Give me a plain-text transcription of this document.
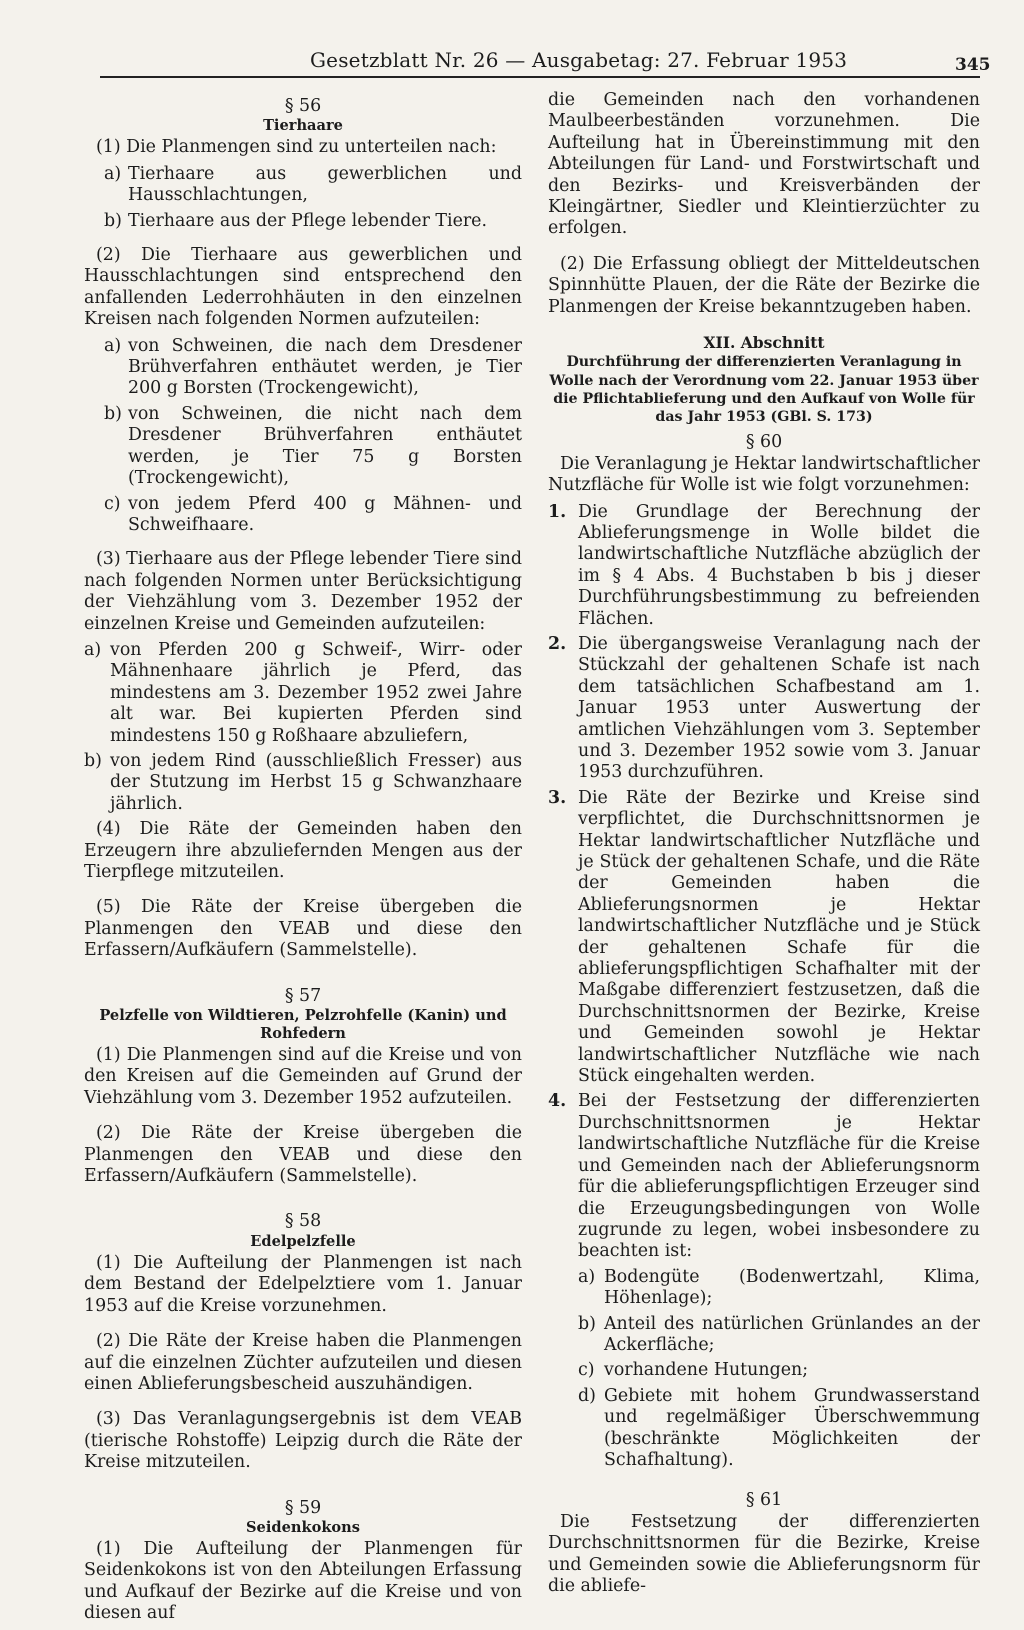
Gesetzblatt Nr. 26 — Ausgabetag: 27. Februar 1953	345
§ 56
Tierhaare
(1) Die Planmengen sind zu unterteilen nach:
a) Tierhaare aus gewerblichen und Hausschlachtungen,
b) Tierhaare aus der Pflege lebender Tiere.
(2) Die Tierhaare aus gewerblichen und Hausschlachtungen sind entsprechend den anfallenden Lederrohhäuten in den einzelnen Kreisen nach folgenden Normen aufzuteilen:
a) von Schweinen, die nach dem Dresdener Brühverfahren enthäutet werden, je Tier 200 g Borsten (Trockengewicht),
b) von Schweinen, die nicht nach dem Dresdener Brühverfahren enthäutet werden, je Tier 75 g Borsten (Trockengewicht),
c) von jedem Pferd 400 g Mähnen- und Schweifhaare.
(3) Tierhaare aus der Pflege lebender Tiere sind nach folgenden Normen unter Berücksichtigung der Viehzählung vom 3. Dezember 1952 der einzelnen Kreise und Gemeinden aufzuteilen:
a) von Pferden 200 g Schweif-, Wirr- oder Mähnenhaare jährlich je Pferd, das mindestens am 3. Dezember 1952 zwei Jahre alt war. Bei kupierten Pferden sind mindestens 150 g Roßhaare abzuliefern,
b) von jedem Rind (ausschließlich Fresser) aus der Stutzung im Herbst 15 g Schwanzhaare jährlich.
(4) Die Räte der Gemeinden haben den Erzeugern ihre abzuliefernden Mengen aus der Tierpflege mitzuteilen.
(5) Die Räte der Kreise übergeben die Planmengen den VEAB und diese den Erfassern/Aufkäufern (Sammelstelle).
§ 57
Pelzfelle von Wildtieren, Pelzrohfelle (Kanin) und Rohfedern
(1) Die Planmengen sind auf die Kreise und von den Kreisen auf die Gemeinden auf Grund der Viehzählung vom 3. Dezember 1952 aufzuteilen.
(2) Die Räte der Kreise übergeben die Planmengen den VEAB und diese den Erfassern/Aufkäufern (Sammelstelle).
§ 58
Edelpelzfelle
(1) Die Aufteilung der Planmengen ist nach dem Bestand der Edelpelztiere vom 1. Januar 1953 auf die Kreise vorzunehmen.
(2) Die Räte der Kreise haben die Planmengen auf die einzelnen Züchter aufzuteilen und diesen einen Ablieferungsbescheid auszuhändigen.
(3) Das Veranlagungsergebnis ist dem VEAB (tierische Rohstoffe) Leipzig durch die Räte der Kreise mitzuteilen.
§ 59
Seidenkokons
(1) Die Aufteilung der Planmengen für Seidenkokons ist von den Abteilungen Erfassung und Aufkauf der Bezirke auf die Kreise und von diesen auf
die Gemeinden nach den vorhandenen Maulbeerbeständen vorzunehmen. Die Aufteilung hat in Übereinstimmung mit den Abteilungen für Land- und Forstwirtschaft und den Bezirks- und Kreisverbänden der Kleingärtner, Siedler und Kleintierzüchter zu erfolgen.
(2) Die Erfassung obliegt der Mitteldeutschen Spinnhütte Plauen, der die Räte der Bezirke die Planmengen der Kreise bekanntzugeben haben.
XII. Abschnitt
Durchführung der differenzierten Veranlagung in Wolle nach der Verordnung vom 22. Januar 1953 über die Pflichtablieferung und den Aufkauf von Wolle für das Jahr 1953 (GBl. S. 173)
§ 60
Die Veranlagung je Hektar landwirtschaftlicher Nutzfläche für Wolle ist wie folgt vorzunehmen:
1. Die Grundlage der Berechnung der Ablieferungsmenge in Wolle bildet die landwirtschaftliche Nutzfläche abzüglich der im § 4 Abs. 4 Buchstaben b bis j dieser Durchführungsbestimmung zu befreienden Flächen.
2. Die übergangsweise Veranlagung nach der Stückzahl der gehaltenen Schafe ist nach dem tatsächlichen Schafbestand am 1. Januar 1953 unter Auswertung der amtlichen Viehzählungen vom 3. September und 3. Dezember 1952 sowie vom 3. Januar 1953 durchzuführen.
3. Die Räte der Bezirke und Kreise sind verpflichtet, die Durchschnittsnormen je Hektar landwirtschaftlicher Nutzfläche und je Stück der gehaltenen Schafe, und die Räte der Gemeinden haben die Ablieferungsnormen je Hektar landwirtschaftlicher Nutzfläche und je Stück der gehaltenen Schafe für die ablieferungspflichtigen Schafhalter mit der Maßgabe differenziert festzusetzen, daß die Durchschnittsnormen der Bezirke, Kreise und Gemeinden sowohl je Hektar landwirtschaftlicher Nutzfläche wie nach Stück eingehalten werden.
4. Bei der Festsetzung der differenzierten Durchschnittsnormen je Hektar landwirtschaftliche Nutzfläche für die Kreise und Gemeinden nach der Ablieferungsnorm für die ablieferungspflichtigen Erzeuger sind die Erzeugungsbedingungen von Wolle zugrunde zu legen, wobei insbesondere zu beachten ist:
a) Bodengüte (Bodenwertzahl, Klima, Höhenlage);
b) Anteil des natürlichen Grünlandes an der Ackerfläche;
c) vorhandene Hutungen;
d) Gebiete mit hohem Grundwasserstand und regelmäßiger Überschwemmung (beschränkte Möglichkeiten der Schafhaltung).
§ 61
Die Festsetzung der differenzierten Durchschnittsnormen für die Bezirke, Kreise und Gemeinden sowie die Ablieferungsnorm für die abliefe-
